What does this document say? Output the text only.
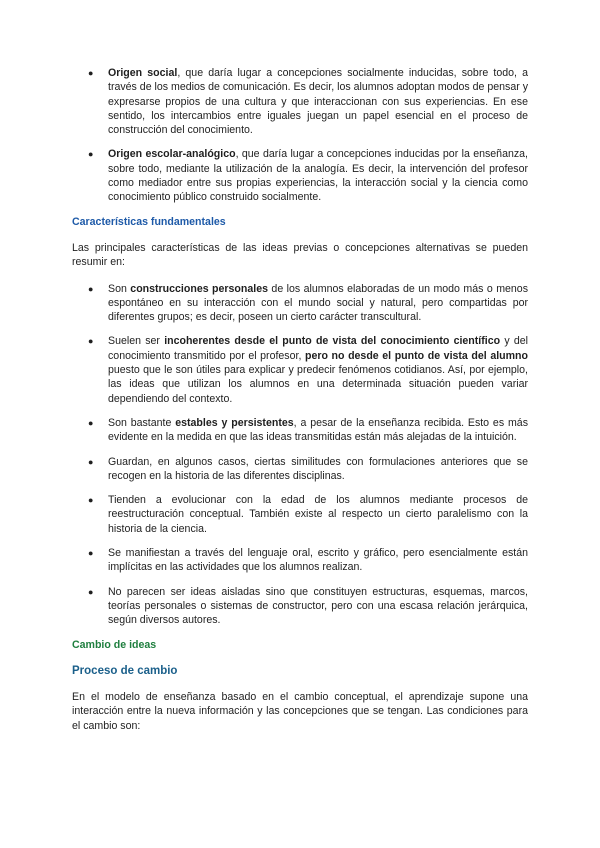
● Origen social, que daría lugar a concepciones socialmente inducidas, sobre todo, a través de los medios de comunicación. Es decir, los alumnos adoptan modos de pensar y expresarse propios de una cultura y que interaccionan con sus experiencias. En ese sentido, los intercambios entre iguales juegan un papel esencial en el proceso de construcción del conocimiento.
● Origen escolar-analógico, que daría lugar a concepciones inducidas por la enseñanza, sobre todo, mediante la utilización de la analogía. Es decir, la intervención del profesor como mediador entre sus propias experiencias, la interacción social y la ciencia como conocimiento público construido socialmente.
Características fundamentales

Las principales características de las ideas previas o concepciones alternativas se pueden resumir en:

● Son construcciones personales de los alumnos elaboradas de un modo más o menos espontáneo en su interacción con el mundo social y natural, pero compartidas por diferentes grupos; es decir, poseen un cierto carácter transcultural.
● Suelen ser incoherentes desde el punto de vista del conocimiento científico y del conocimiento transmitido por el profesor, pero no desde el punto de vista del alumno puesto que le son útiles para explicar y predecir fenómenos cotidianos. Así, por ejemplo, las ideas que utilizan los alumnos en una determinada situación pueden variar dependiendo del contexto.
● Son bastante estables y persistentes, a pesar de la enseñanza recibida. Esto es más evidente en la medida en que las ideas transmitidas están más alejadas de la intuición.
● Guardan, en algunos casos, ciertas similitudes con formulaciones anteriores que se recogen en la historia de las diferentes disciplinas.
● Tienden a evolucionar con la edad de los alumnos mediante procesos de reestructuración conceptual. También existe al respecto un cierto paralelismo con la historia de la ciencia.
● Se manifiestan a través del lenguaje oral, escrito y gráfico, pero esencialmente están implícitas en las actividades que los alumnos realizan.
● No parecen ser ideas aisladas sino que constituyen estructuras, esquemas, marcos, teorías personales o sistemas de constructor, pero con una escasa relación jerárquica, según diversos autores.
Cambio de ideas
Proceso de cambio

En el modelo de enseñanza basado en el cambio conceptual, el aprendizaje supone una interacción entre la nueva información y las concepciones que se tengan. Las condiciones para el cambio son:
